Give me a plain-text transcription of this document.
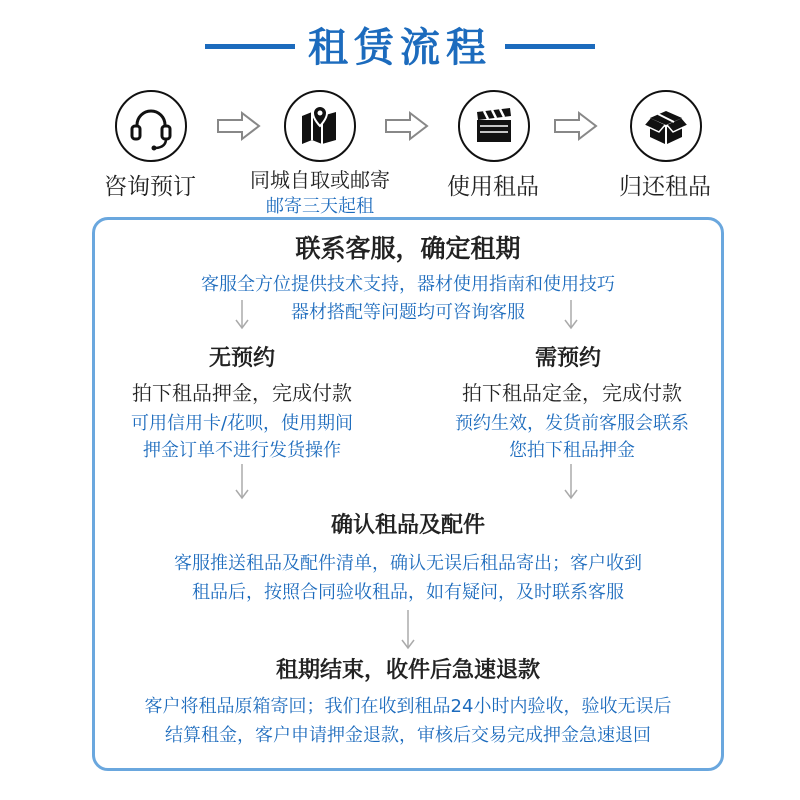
租赁流程
咨询预订	同城自取或邮寄
邮寄三天起租
使用租品	归还租品
联系客服，确定租期
客服全方位提供技术支持，器材使用指南和使用技巧
器材搭配等问题均可咨询客服
无预约
拍下租品押金，完成付款
可用信用卡/花呗，使用期间
押金订单不进行发货操作
需预约
拍下租品定金，完成付款
预约生效，发货前客服会联系
您拍下租品押金
确认租品及配件
客服推送租品及配件清单，确认无误后租品寄出；客户收到
租品后，按照合同验收租品，如有疑问，及时联系客服
租期结束，收件后急速退款
客户将租品原箱寄回；我们在收到租品24小时内验收，验收无误后
结算租金，客户申请押金退款，审核后交易完成押金急速退回
